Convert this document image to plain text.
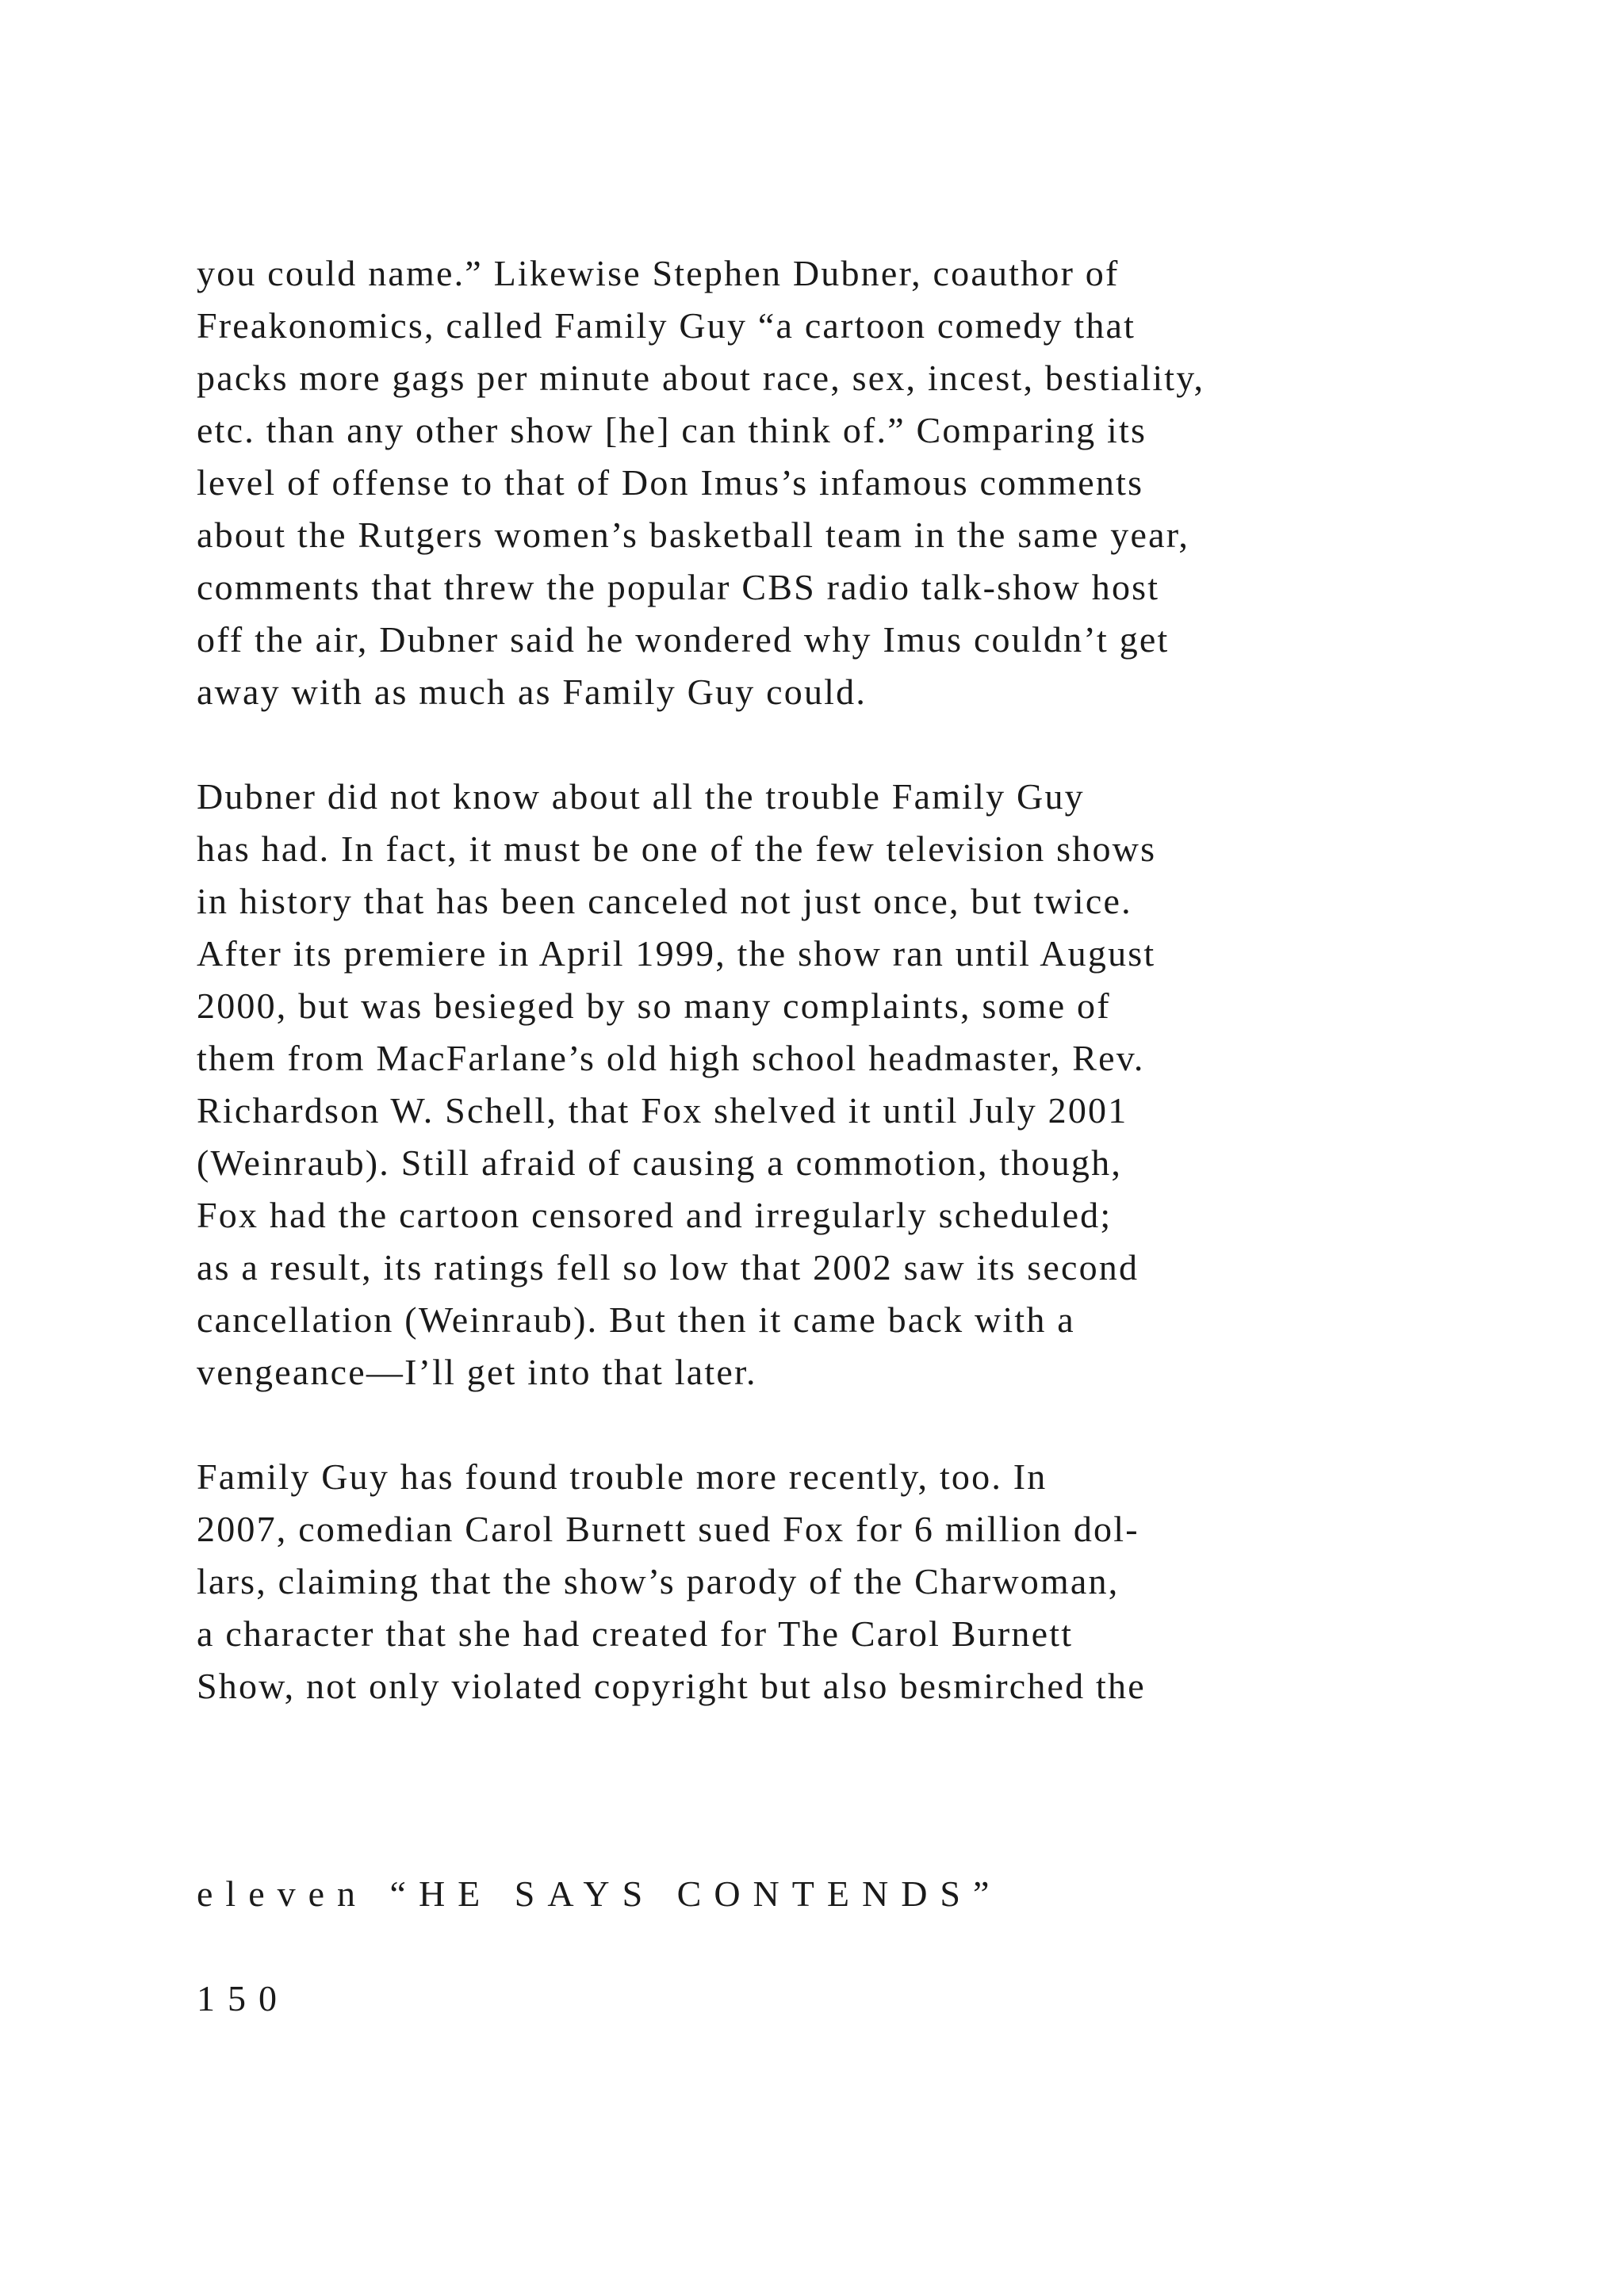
you could name.” Likewise Stephen Dubner, coauthor of
Freakonomics, called Family Guy “a cartoon comedy that
packs more gags per minute about race, sex, incest, bestiality,
etc. than any other show [he] can think of.” Comparing its
level of offense to that of Don Imus’s infamous comments
about the Rutgers women’s basketball team in the same year,
comments that threw the popular CBS radio talk-show host
off the air, Dubner said he wondered why Imus couldn’t get
away with as much as Family Guy could.

Dubner did not know about all the trouble Family Guy
has had. In fact, it must be one of the few television shows
in history that has been canceled not just once, but twice.
After its premiere in April 1999, the show ran until August
2000, but was besieged by so many complaints, some of
them from MacFarlane’s old high school headmaster, Rev.
Richardson W. Schell, that Fox shelved it until July 2001
(Weinraub). Still afraid of causing a commotion, though,
Fox had the cartoon censored and irregularly scheduled;
as a result, its ratings fell so low that 2002 saw its second
cancellation (Weinraub). But then it came back with a
vengeance—I’ll get into that later.

Family Guy has found trouble more recently, too. In
2007, comedian Carol Burnett sued Fox for 6 million dol-
lars, claiming that the show’s parody of the Charwoman,
a character that she had created for The Carol Burnett
Show, not only violated copyright but also besmirched the

eleven “HE SAYS CONTENDS”
150
